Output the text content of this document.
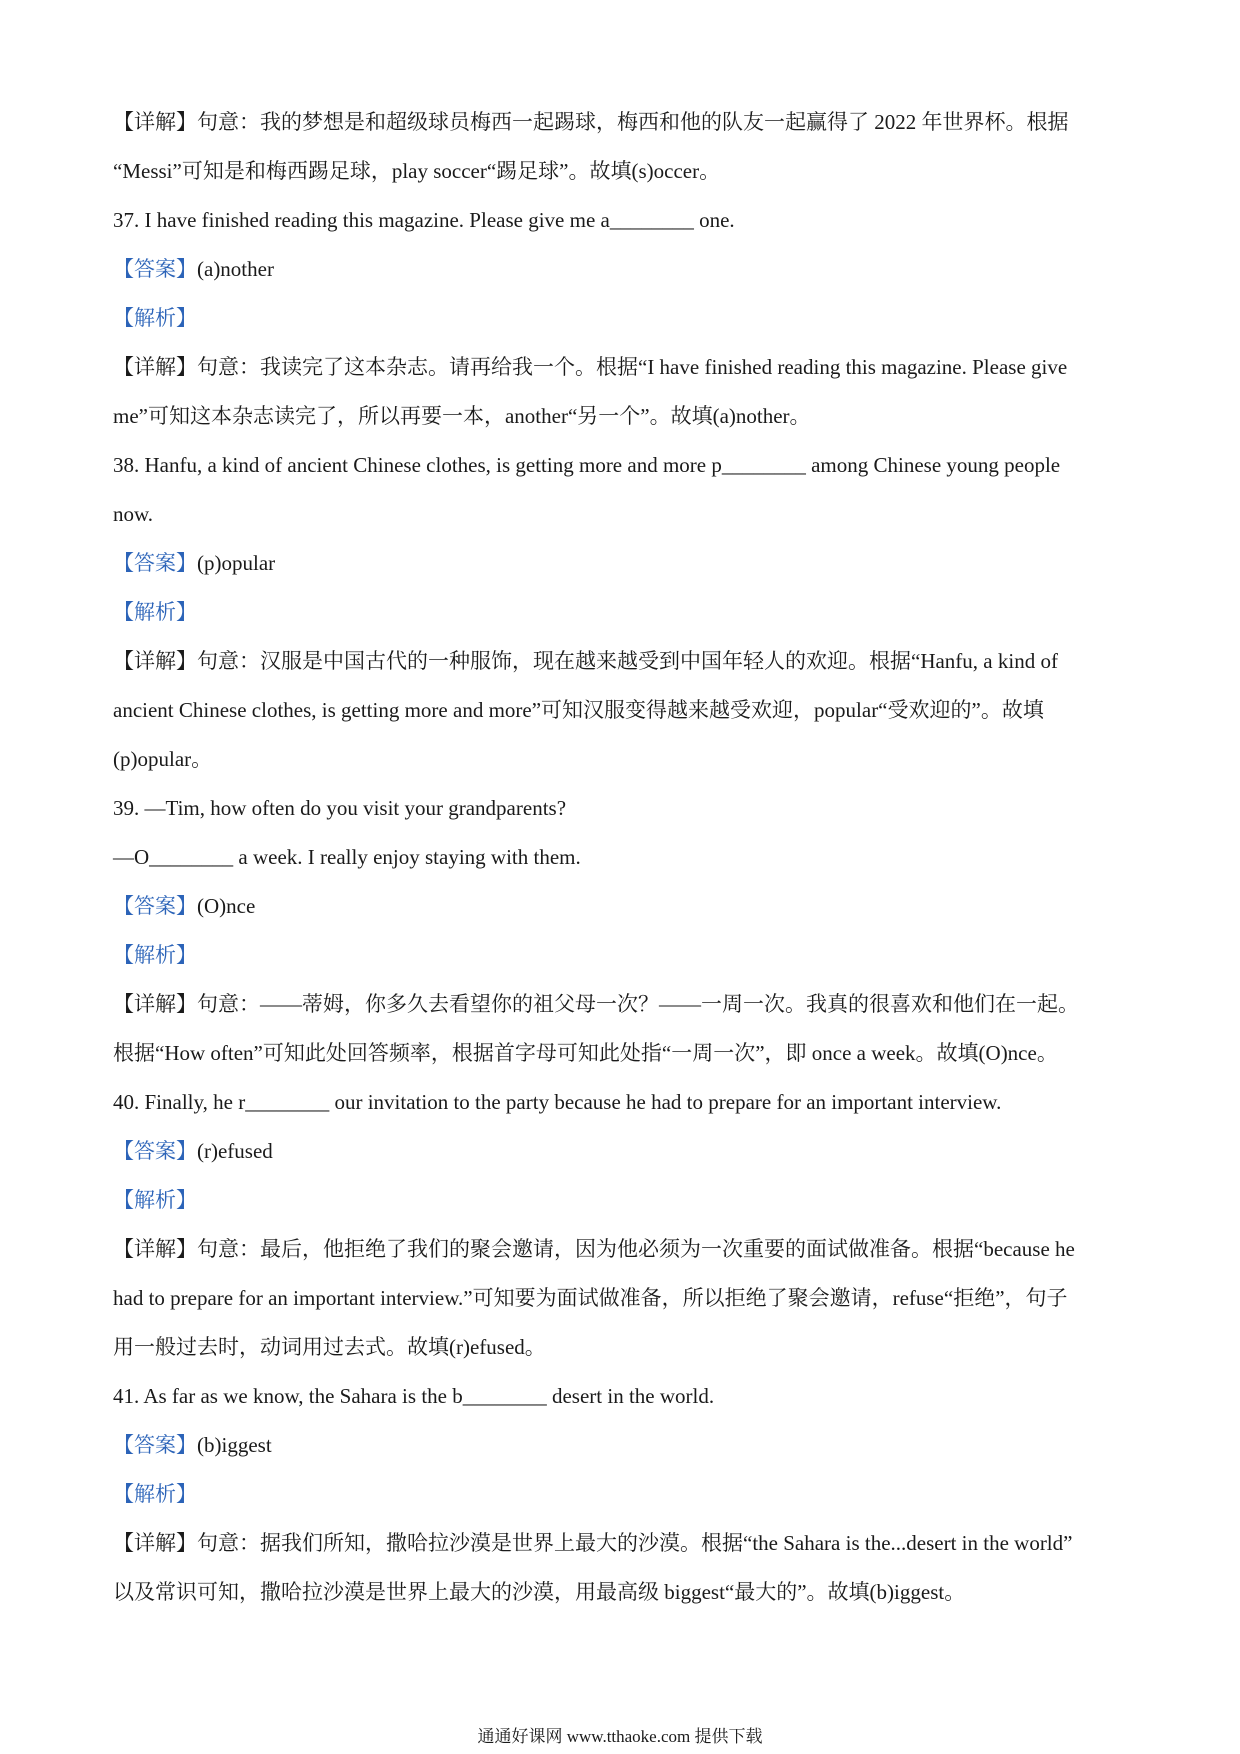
【详解】句意：我的梦想是和超级球员梅西一起踢球，梅西和他的队友一起赢得了 2022 年世界杯。根据
“Messi”可知是和梅西踢足球，play soccer“踢足球”。故填(s)occer。
37. I have finished reading this magazine. Please give me a________ one.
【答案】(a)nother
【解析】
【详解】句意：我读完了这本杂志。请再给我一个。根据“I have finished reading this magazine. Please give
me”可知这本杂志读完了，所以再要一本，another“另一个”。故填(a)nother。
38. Hanfu, a kind of ancient Chinese clothes, is getting more and more p________ among Chinese young people
now.
【答案】(p)opular
【解析】
【详解】句意：汉服是中国古代的一种服饰，现在越来越受到中国年轻人的欢迎。根据“Hanfu, a kind of
ancient Chinese clothes, is getting more and more”可知汉服变得越来越受欢迎，popular“受欢迎的”。故填
(p)opular。
39. —Tim, how often do you visit your grandparents?
—O________ a week. I really enjoy staying with them.
【答案】(O)nce
【解析】
【详解】句意：——蒂姆，你多久去看望你的祖父母一次？——一周一次。我真的很喜欢和他们在一起。
根据“How often”可知此处回答频率，根据首字母可知此处指“一周一次”，即 once a week。故填(O)nce。
40. Finally, he r________ our invitation to the party because he had to prepare for an important interview.
【答案】(r)efused
【解析】
【详解】句意：最后，他拒绝了我们的聚会邀请，因为他必须为一次重要的面试做准备。根据“because he
had to prepare for an important interview.”可知要为面试做准备，所以拒绝了聚会邀请，refuse“拒绝”，句子
用一般过去时，动词用过去式。故填(r)efused。
41. As far as we know, the Sahara is the b________ desert in the world.
【答案】(b)iggest
【解析】
【详解】句意：据我们所知，撒哈拉沙漠是世界上最大的沙漠。根据“the Sahara is the...desert in the world”
以及常识可知，撒哈拉沙漠是世界上最大的沙漠，用最高级 biggest“最大的”。故填(b)iggest。
通通好课网 www.tthaoke.com 提供下载
